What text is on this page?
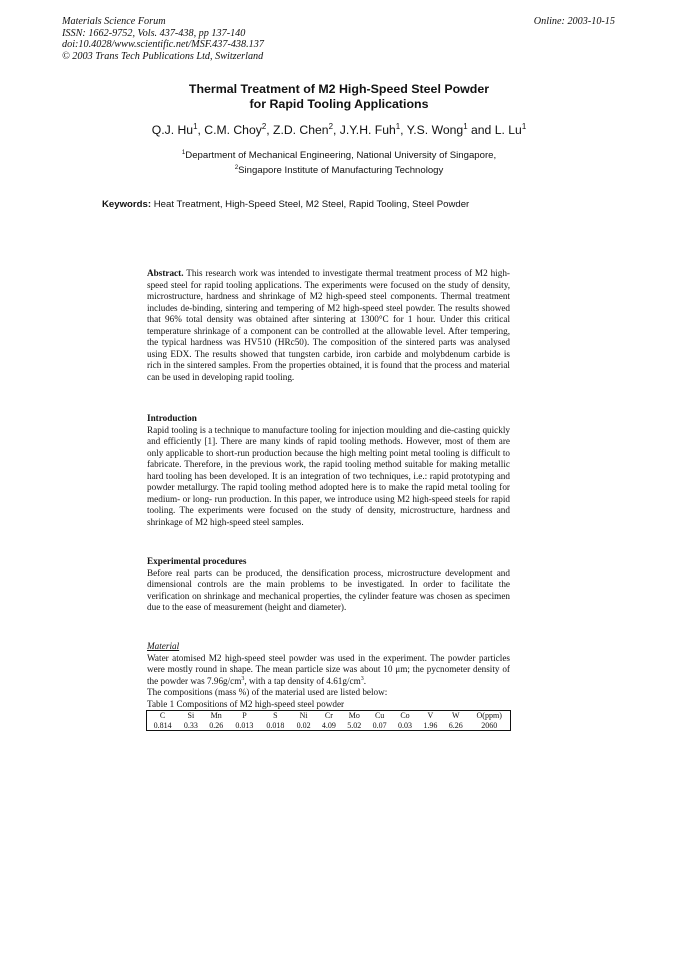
Materials Science Forum
ISSN: 1662-9752, Vols. 437-438, pp 137-140
doi:10.4028/www.scientific.net/MSF.437-438.137
© 2003 Trans Tech Publications Ltd, Switzerland
Online: 2003-10-15
Thermal Treatment of M2 High-Speed Steel Powder
for Rapid Tooling Applications
Q.J. Hu$^1$, C.M. Choy$^2$, Z.D. Chen$^2$, J.Y.H. Fuh$^1$, Y.S. Wong$^1$ and L. Lu$^1$
$^1$Department of Mechanical Engineering, National University of Singapore,
$^2$Singapore Institute of Manufacturing Technology
Keywords: Heat Treatment, High-Speed Steel, M2 Steel, Rapid Tooling, Steel Powder

Abstract. This research work was intended to investigate thermal treatment process of M2 high-speed steel for rapid tooling applications. The experiments were focused on the study of density, microstructure, hardness and shrinkage of M2 high-speed steel components. Thermal treatment includes de-binding, sintering and tempering of M2 high-speed steel powder. The results showed that 96% total density was obtained after sintering at 1300°C for 1 hour. Under this critical temperature shrinkage of a component can be controlled at the allowable level. After tempering, the typical hardness was HV510 (HRc50). The composition of the sintered parts was analysed using EDX. The results showed that tungsten carbide, iron carbide and molybdenum carbide is rich in the sintered samples. From the properties obtained, it is found that the process and material can be used in developing rapid tooling.

Introduction

Rapid tooling is a technique to manufacture tooling for injection moulding and die-casting quickly and efficiently [1]. There are many kinds of rapid tooling methods. However, most of them are only applicable to short-run production because the high melting point metal tooling is difficult to fabricate. Therefore, in the previous work, the rapid tooling method suitable for making metallic hard tooling has been developed. It is an integration of two techniques, i.e.: rapid prototyping and powder metallurgy. The rapid tooling method adopted here is to make the rapid metal tooling for medium- or long- run production. In this paper, we introduce using M2 high-speed steels for rapid tooling. The experiments were focused on the study of density, microstructure, hardness and shrinkage of M2 high-speed steel samples.

Experimental procedures

Before real parts can be produced, the densification process, microstructure development and dimensional controls are the main problems to be investigated. In order to facilitate the verification on shrinkage and mechanical properties, the cylinder feature was chosen as specimen due to the ease of measurement (height and diameter).

Material

Water atomised M2 high-speed steel powder was used in the experiment. The powder particles were mostly round in shape. The mean particle size was about 10 μm; the pycnometer density of the powder was $7.96g/cm^3$, with a tap density of $4.61g/cm^3$.

The compositions (mass %) of the material used are listed below:

Table 1 Compositions of M2 high-speed steel powder

C	Si	Mn	P	S	Ni	Cr	Mo	Cu	Co	V	W	O(ppm)
0.814	0.33	0.26	0.013	0.018	0.02	4.09	5.02	0.07	0.03	1.96	6.26	2060
